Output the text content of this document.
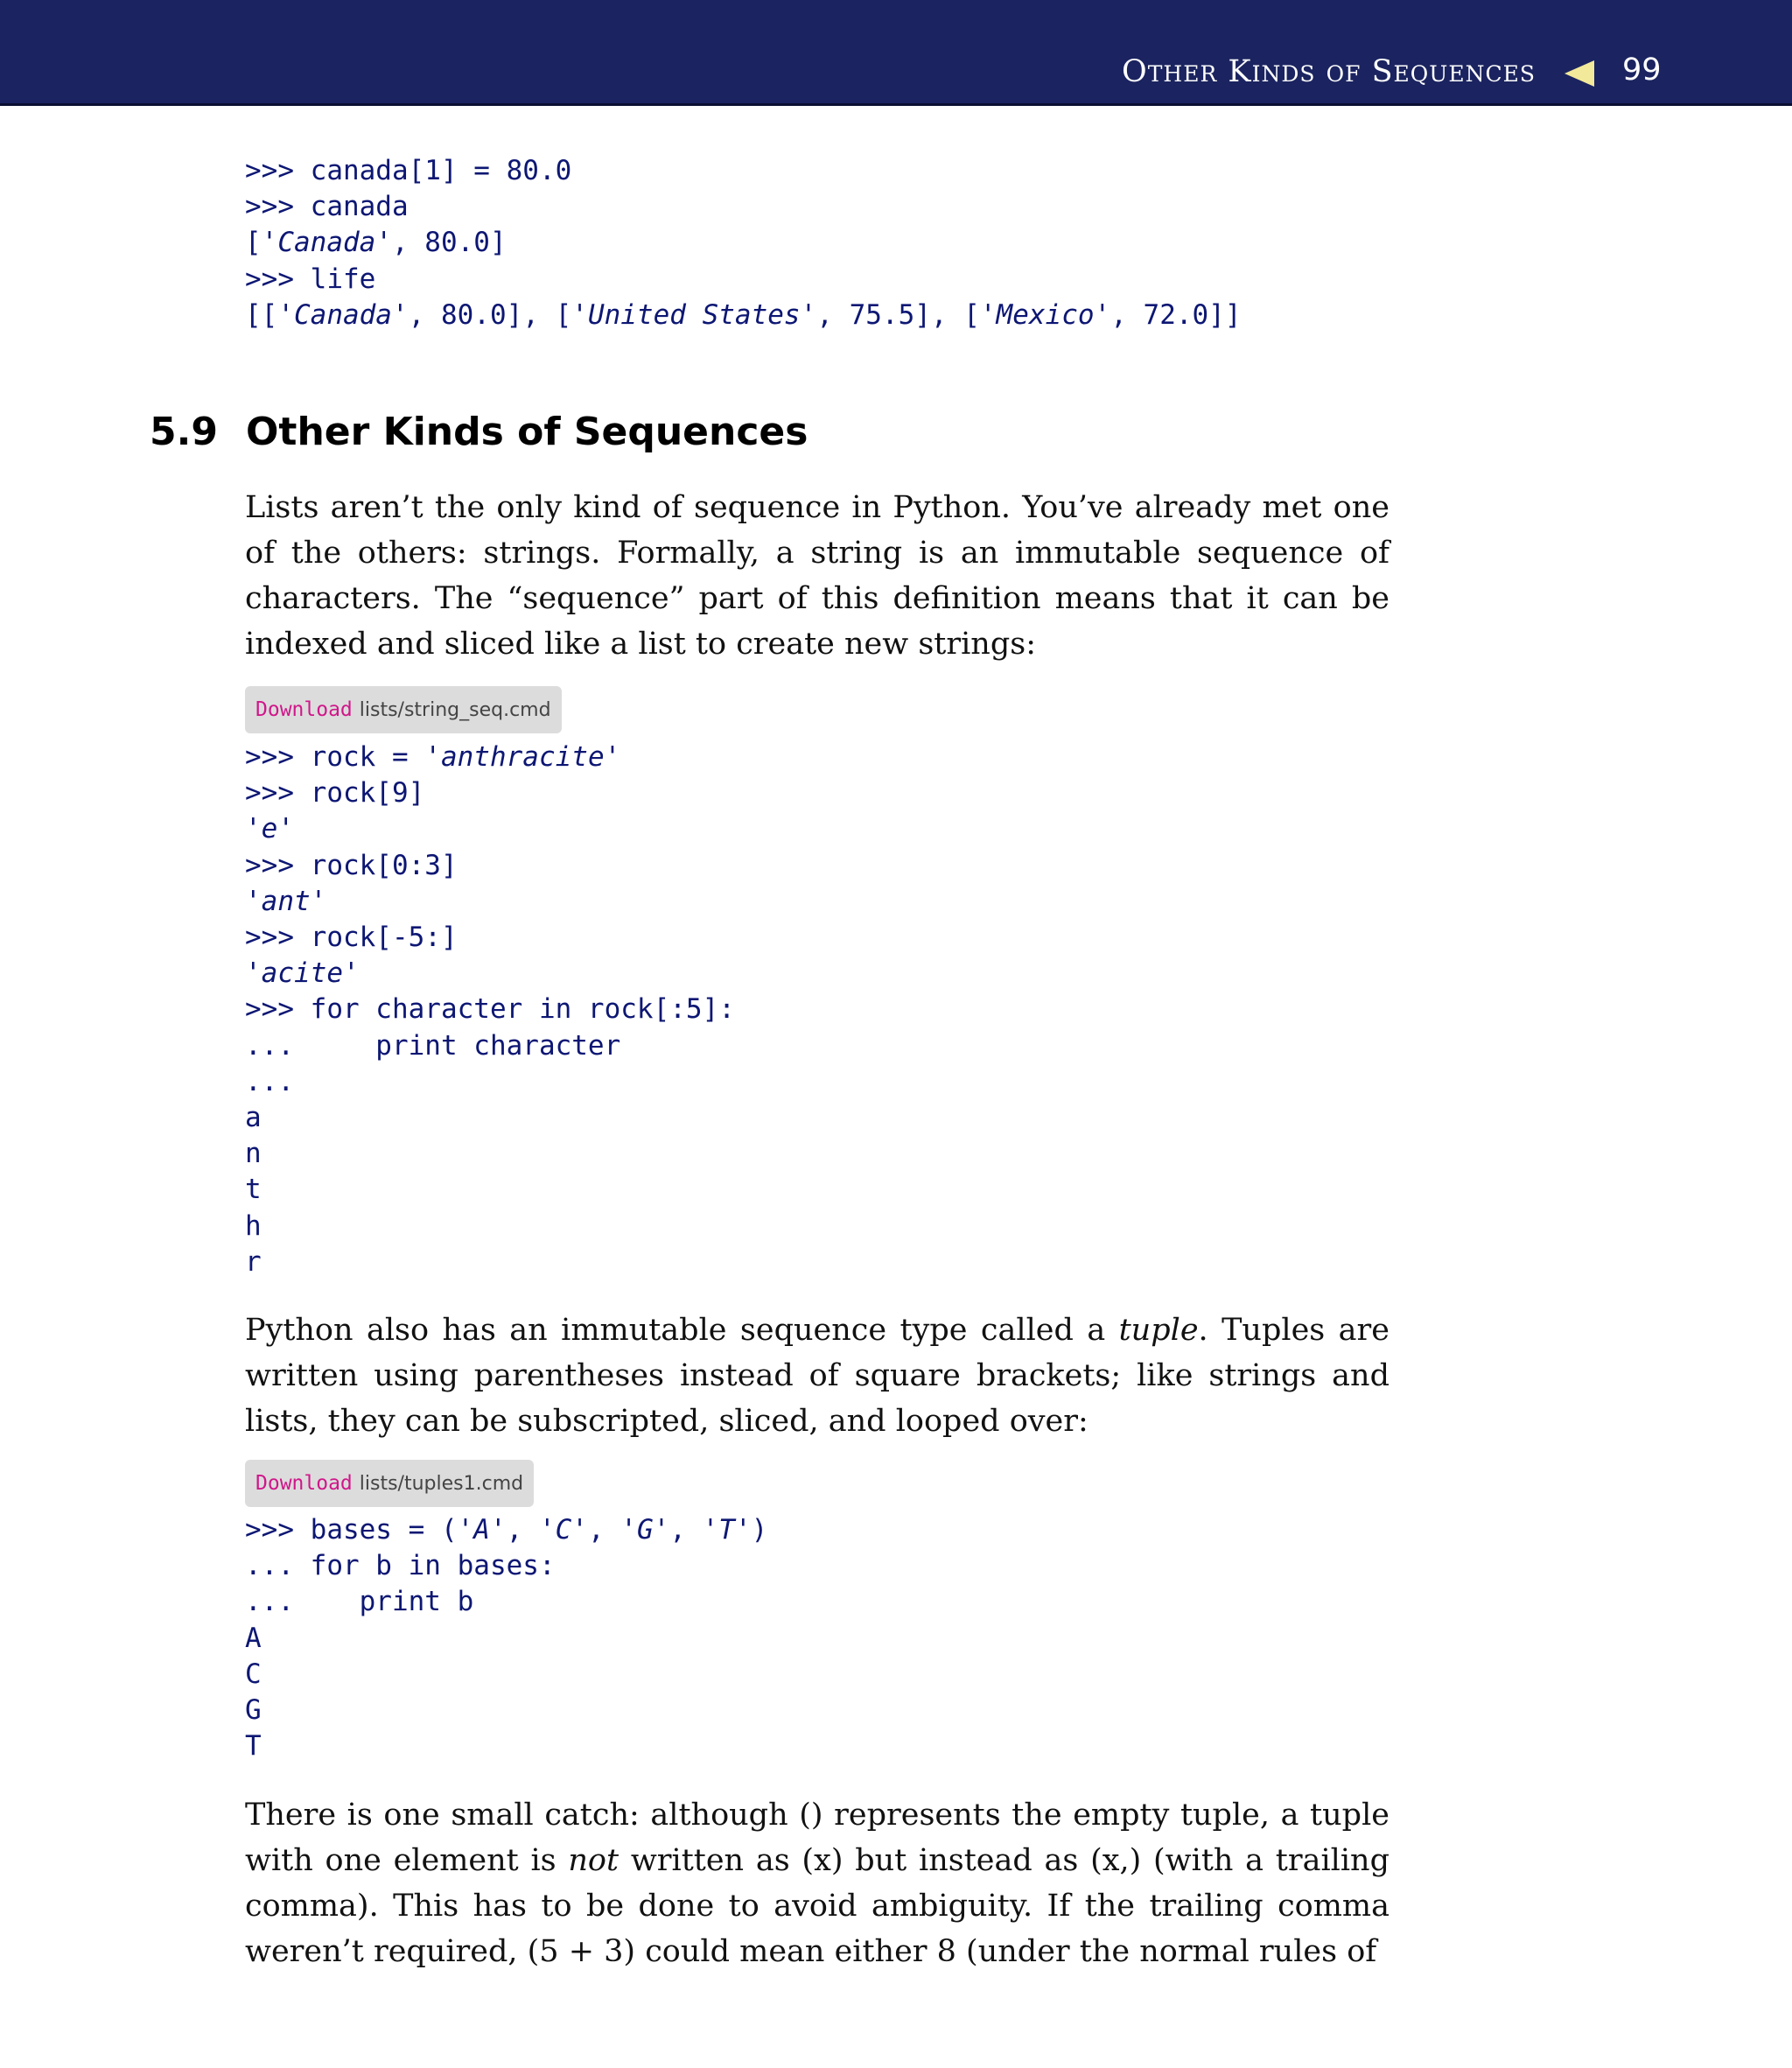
Other Kinds of Sequences	99
>>> canada[1] = 80.0
>>> canada
['Canada', 80.0]
>>> life
[['Canada', 80.0], ['United States', 75.5], ['Mexico', 72.0]]
5.9 Other Kinds of Sequences

Lists aren’t the only kind of sequence in Python. You’ve already met one of the others: strings. Formally, a string is an immutable sequence of characters. The “sequence” part of this definition means that it can be indexed and sliced like a list to create new strings:

Download lists/string_seq.cmd
>>> rock = 'anthracite'
>>> rock[9]
'e'
>>> rock[0:3]
'ant'
>>> rock[-5:]
'acite'
>>> for character in rock[:5]:
...     print character
...
a
n
t
h
r

Python also has an immutable sequence type called a tuple. Tuples are written using parentheses instead of square brackets; like strings and lists, they can be subscripted, sliced, and looped over:

Download lists/tuples1.cmd
>>> bases = ('A', 'C', 'G', 'T')
... for b in bases:
...    print b
A
C
G
T

There is one small catch: although () represents the empty tuple, a tuple with one element is not written as (x) but instead as (x,) (with a trailing comma). This has to be done to avoid ambiguity. If the trailing comma weren’t required, (5 + 3) could mean either 8 (under the normal rules of
